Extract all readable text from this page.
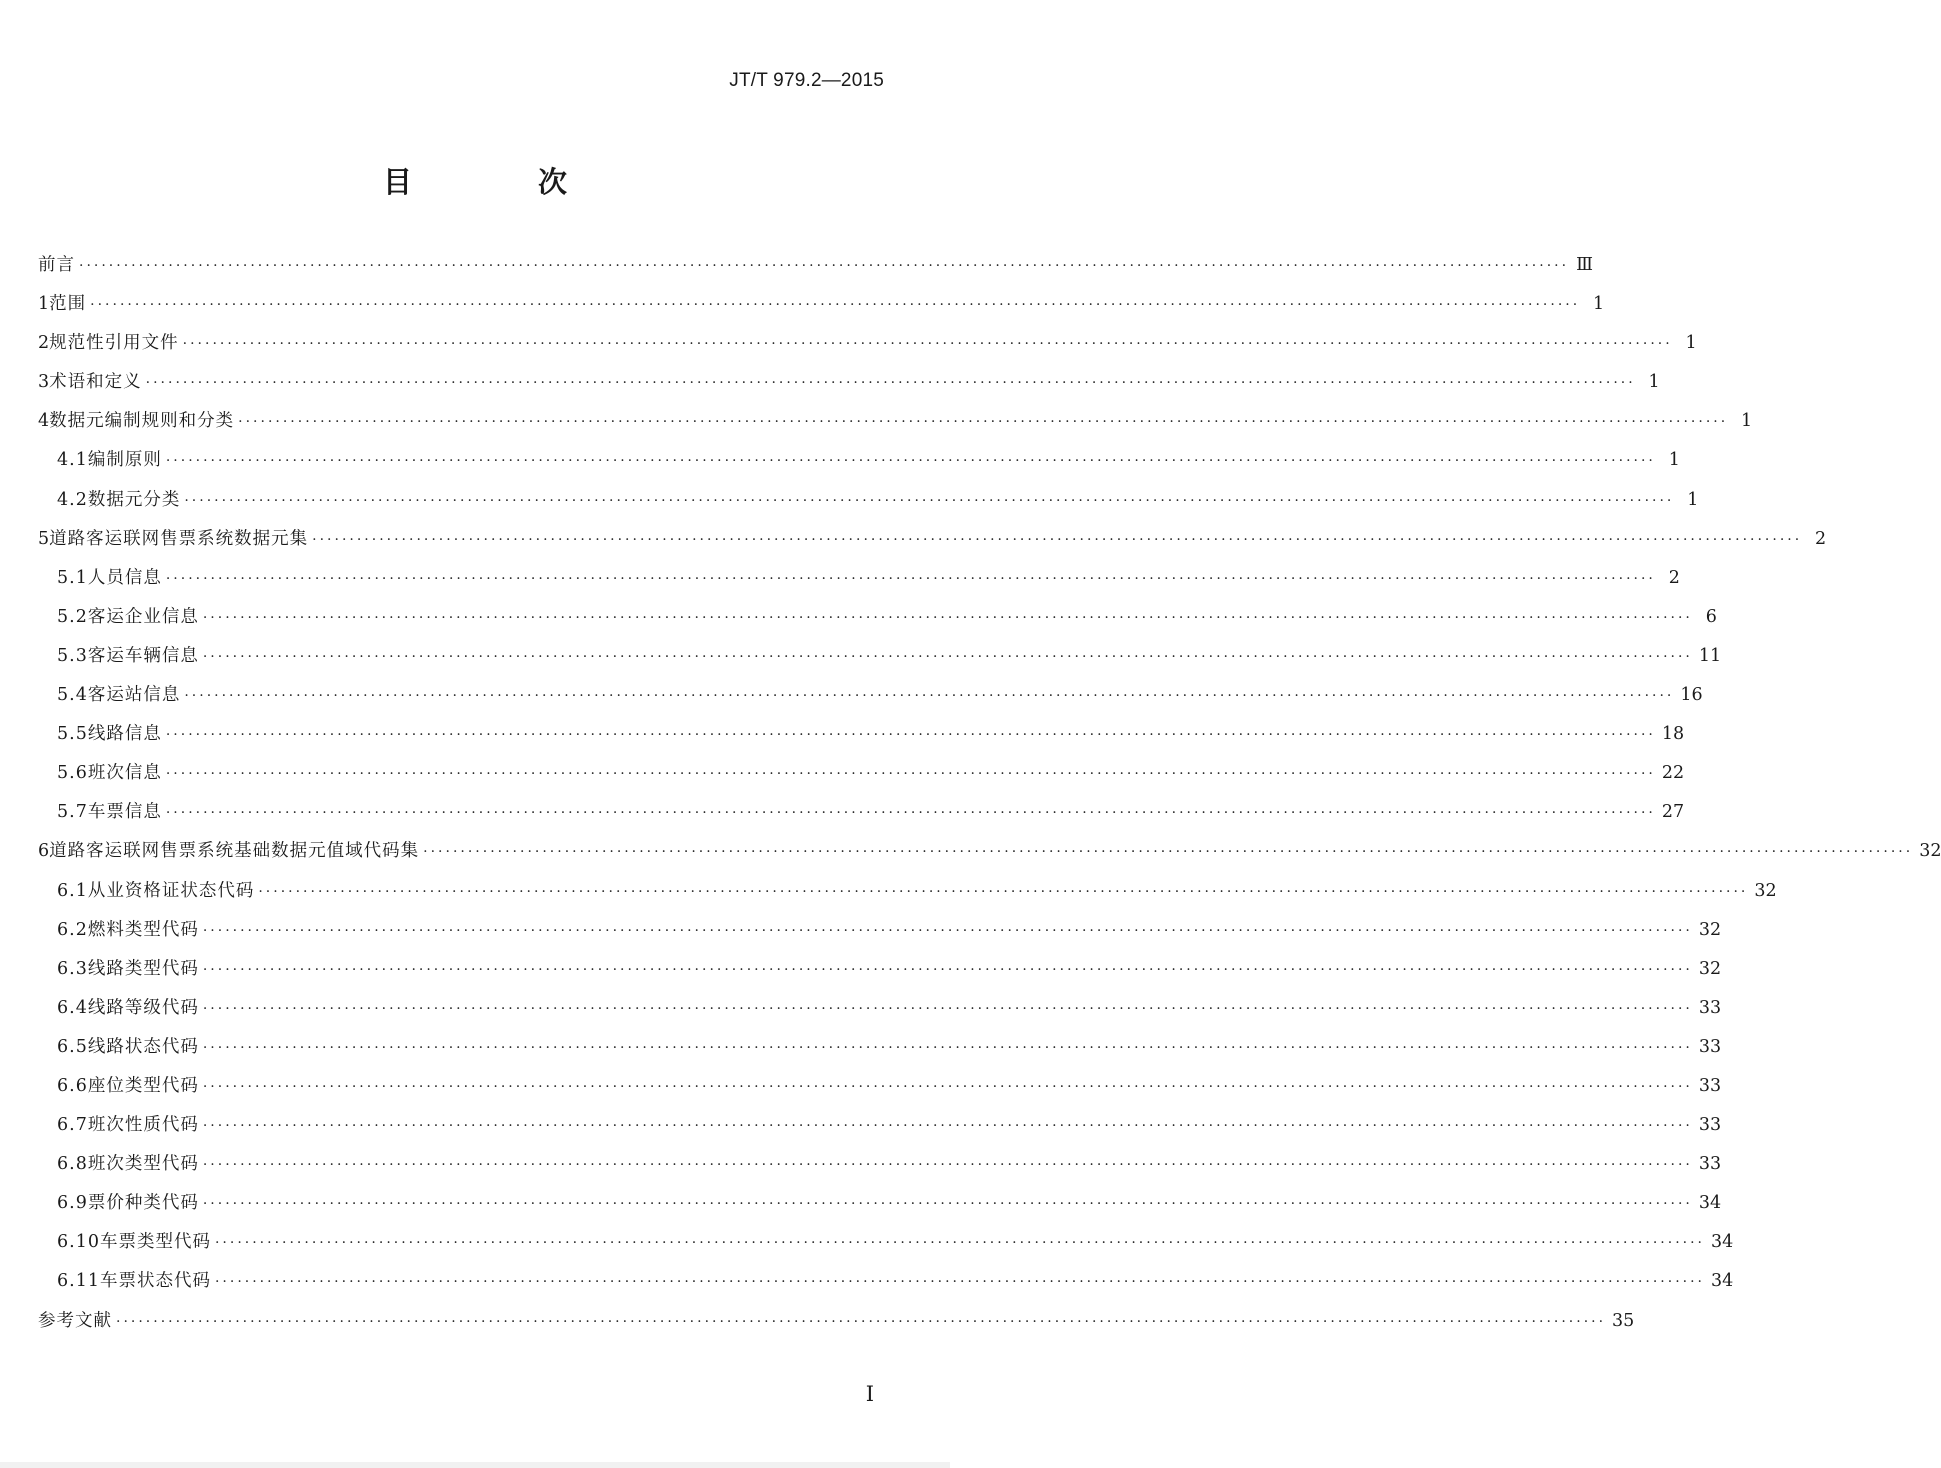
JT/T 979.2—2015
目 次
前言 ········································································································································································································ Ⅲ
1 范围 ········································································································································································································ 1
2 规范性引用文件 ········································································································································································································ 1
3 术语和定义 ········································································································································································································ 1
4 数据元编制规则和分类 ········································································································································································································ 1
4.1 编制原则 ········································································································································································································ 1
4.2 数据元分类 ········································································································································································································ 1
5 道路客运联网售票系统数据元集 ········································································································································································································ 2
5.1 人员信息 ········································································································································································································ 2
5.2 客运企业信息 ········································································································································································································ 6
5.3 客运车辆信息 ········································································································································································································ 11
5.4 客运站信息 ········································································································································································································ 16
5.5 线路信息 ········································································································································································································ 18
5.6 班次信息 ········································································································································································································ 22
5.7 车票信息 ········································································································································································································ 27
6 道路客运联网售票系统基础数据元值域代码集 ········································································································································································································ 32
6.1 从业资格证状态代码 ········································································································································································································ 32
6.2 燃料类型代码 ········································································································································································································ 32
6.3 线路类型代码 ········································································································································································································ 32
6.4 线路等级代码 ········································································································································································································ 33
6.5 线路状态代码 ········································································································································································································ 33
6.6 座位类型代码 ········································································································································································································ 33
6.7 班次性质代码 ········································································································································································································ 33
6.8 班次类型代码 ········································································································································································································ 33
6.9 票价种类代码 ········································································································································································································ 34
6.10 车票类型代码 ········································································································································································································ 34
6.11 车票状态代码 ········································································································································································································ 34
参考文献 ········································································································································································································ 35
I
